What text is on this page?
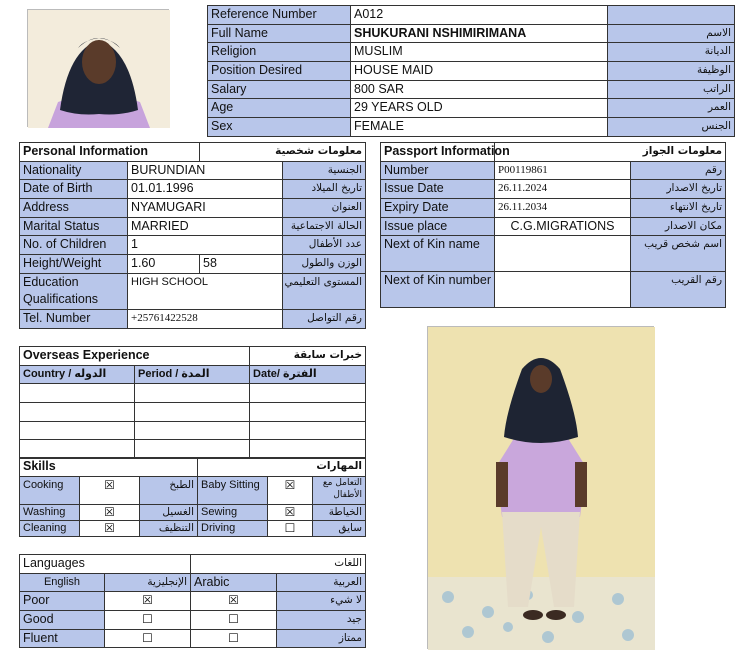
Reference Number	A012	
Full Name	SHUKURANI NSHIMIRIMANA	الاسم
Religion	MUSLIM	الديانة
Position Desired	HOUSE MAID	الوظيفة
Salary	800 SAR	الراتب
Age	29 YEARS OLD	العمر
Sex	FEMALE	الجنس
Personal Information		معلومات شخصية	
Nationality	BURUNDIAN		الجنسية
Date of Birth	01.01.1996		تاريخ الميلاد
Address	NYAMUGARI		العنوان
Marital Status	MARRIED		الحالة الاجتماعية
No. of Children	1		عدد الأطفال
Height/Weight	1.60	58	الوزن والطول
Education Qualifications	HIGH SCHOOL		المستوى التعليمي
Tel. Number	+25761422528		رقم التواصل
Passport Information	معلومات الجواز	
Number	P00119861	رقم
Issue Date	26.11.2024	تاريخ الاصدار
Expiry Date	26.11.2034	تاريخ الانتهاء
Issue place	C.G.MIGRATIONS	مكان الاصدار
Next of Kin name		اسم شخص قريب
Next of Kin number		رقم القريب
Overseas Experience		خبرات سابقة
Country / الدوله	Period / المدة	Date/ الفترة

Skills			المهارات		
Cooking	☒	الطبخ	Baby Sitting	☒	التعامل مع الأطفال
Washing	☒	الغسيل	Sewing	☒	الخياطة
Cleaning	☒	التنظيف	Driving	☐	سايق
Languages		اللغات	
English	الإنجليزية	Arabic	العربية
Poor	☒	☒	لا شيء
Good	☐	☐	جيد
Fluent	☐	☐	ممتاز
